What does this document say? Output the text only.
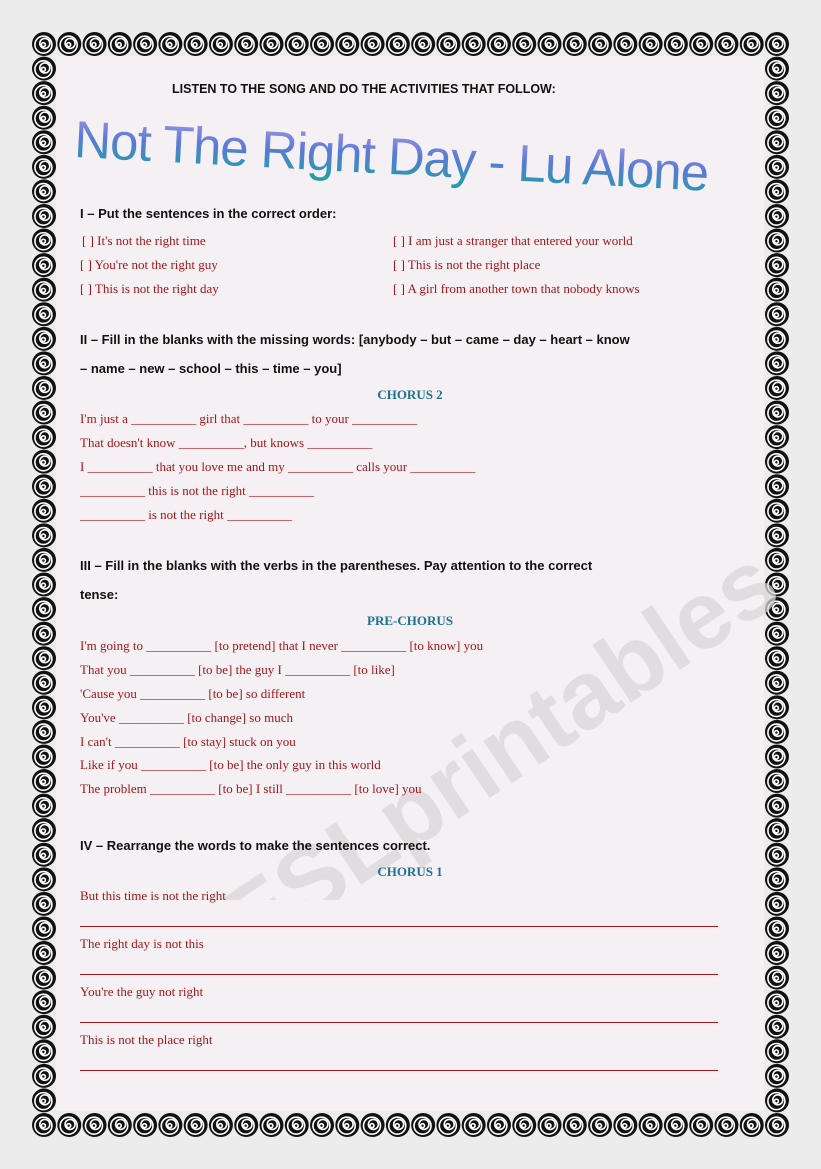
LISTEN TO THE SONG AND DO THE ACTIVITIES THAT FOLLOW:
Not The Right Day - Lu Alone
I – Put the sentences in the correct order:
[ ] It's not the right time
[ ] You're not the right guy
[ ] This is not the right day
[ ] I am just a stranger that entered your world
[ ] This is not the right place
[ ] A girl from another town that nobody knows
II – Fill in the blanks with the missing words: [anybody – but – came – day – heart – know
– name – new – school – this – time – you]
CHORUS 2
I'm just a __________ girl that __________ to your __________
That doesn't know __________, but knows __________
I __________ that you love me and my __________ calls your __________
__________ this is not the right __________
__________ is not the right __________
III – Fill in the blanks with the verbs in the parentheses. Pay attention to the correct
tense:
PRE-CHORUS
I'm going to __________ [to pretend] that I never __________ [to know] you
That you __________ [to be] the guy I __________ [to like]
'Cause you __________ [to be] so different
You've __________ [to change] so much
I can't __________ [to stay] stuck on you
Like if you __________ [to be] the only guy in this world
The problem __________ [to be] I still __________ [to love] you
IV – Rearrange the words to make the sentences correct.
CHORUS 1
But this time is not the right
The right day is not this
You're the guy not right
This is not the place right
